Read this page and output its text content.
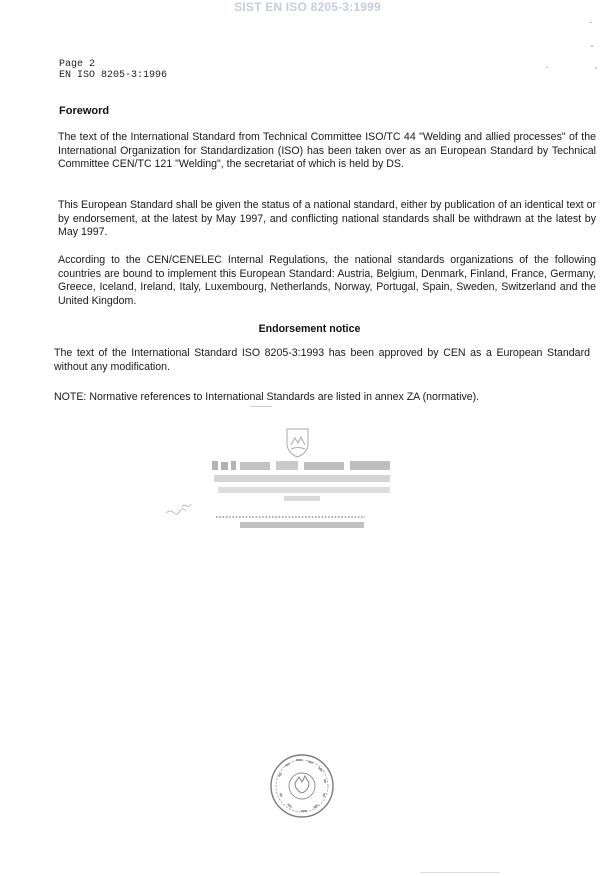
SIST EN ISO 8205-3:1999
Page 2
EN ISO 8205-3:1996
Foreword
The text of the International Standard from Technical Committee ISO/TC 44 "Welding and allied processes" of the International Organization for Standardization (ISO) has been taken over as an European Standard by Technical Committee CEN/TC 121 "Welding", the secretariat of which is held by DS.
This European Standard shall be given the status of a national standard, either by publication of an identical text or by endorsement, at the latest by May 1997, and conflicting national standards shall be withdrawn at the latest by May 1997.
According to the CEN/CENELEC Internal Regulations, the national standards organizations of the following countries are bound to implement this European Standard: Austria, Belgium, Denmark, Finland, France, Germany, Greece, Iceland, Ireland, Italy, Luxembourg, Netherlands, Norway, Portugal, Spain, Sweden, Switzerland and the United Kingdom.
Endorsement notice
The text of the International Standard ISO 8205-3:1993 has been approved by CEN as a European Standard without any modification.
NOTE: Normative references to International Standards are listed in annex ZA (normative).
